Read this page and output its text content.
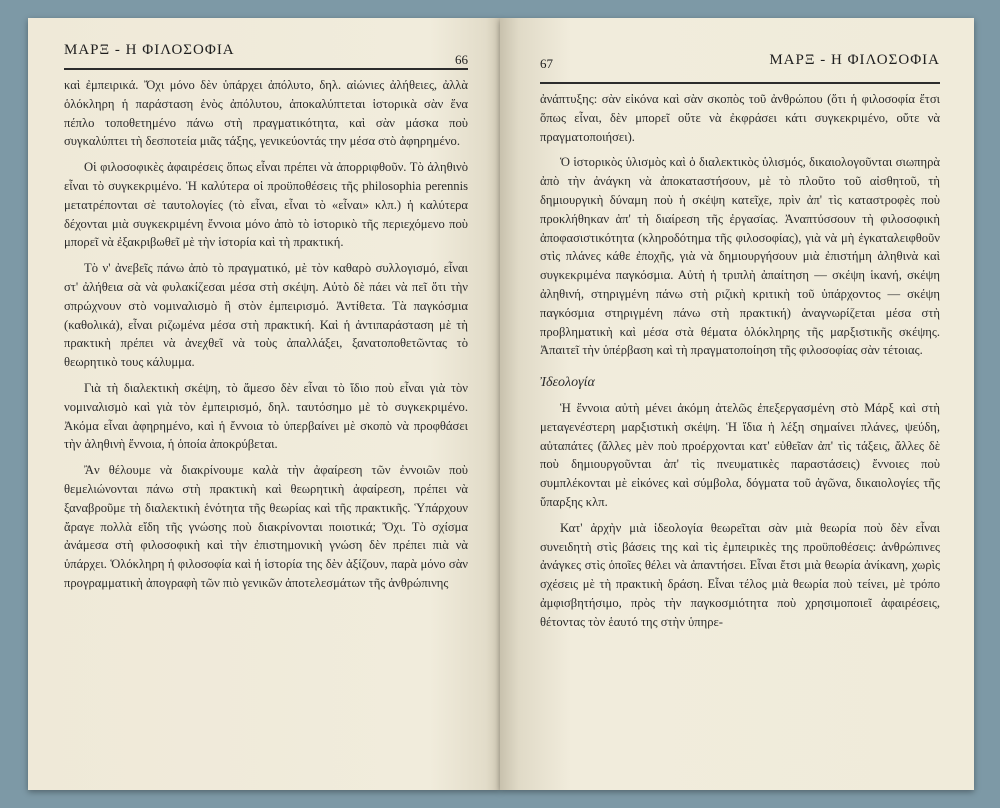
ΜΑΡΞ - Η ΦΙΛΟΣΟΦΙΑ
66

καὶ ἐμπειρικά. Ὄχι μόνο δὲν ὑπάρχει ἀπόλυτο, δηλ. αἰώνιες ἀλήθειες, ἀλλὰ ὁλόκληρη ἡ παράσταση ἑνὸς ἀπόλυτου, ἀποκαλύπτεται ἱστορικὰ σὰν ἕνα πέπλο τοποθετημένο πάνω στὴ πραγματικότητα, καὶ σὰν μάσκα ποὺ συγκαλύπτει τὴ δεσποτεία μιᾶς τάξης, γενικεύοντάς την μέσα στὸ ἀφηρημένο.

Οἱ φιλοσοφικὲς ἀφαιρέσεις ὅπως εἶναι πρέπει νὰ ἀπορριφθοῦν. Τὸ ἀληθινὸ εἶναι τὸ συγκεκριμένο. Ἡ καλύτερα οἱ προϋποθέσεις τῆς philosophia perennis μετατρέπονται σὲ ταυτολογίες (τὸ εἶναι, εἶναι τὸ «εἶναι» κλπ.) ἡ καλύτερα δέχονται μιὰ συγκεκριμένη ἔννοια μόνο ἀπὸ τὸ ἱστορικὸ τῆς περιεχόμενο ποὺ μπορεῖ νὰ ἐξακριβωθεῖ μὲ τὴν ἱστορία καὶ τὴ πρακτική.

Τὸ ν' ἀνεβεῖς πάνω ἀπὸ τὸ πραγματικό, μὲ τὸν καθαρὸ συλλογισμό, εἶναι στ' ἀλήθεια σὰ νὰ φυλακίζεσαι μέσα στὴ σκέψη. Αὐτὸ δὲ πάει νὰ πεῖ ὅτι τὴν σπρώχνουν στὸ νομιναλισμὸ ἢ στὸν ἐμπειρισμό. Ἀντίθετα. Τὰ παγκόσμια (καθολικά), εἶναι ριζωμένα μέσα στὴ πρακτική. Καὶ ἡ ἀντιπαράσταση μὲ τὴ πρακτικὴ πρέπει νὰ ἀνεχθεῖ νὰ τοὺς ἀπαλλάξει, ξανατοποθετῶντας τὸ θεωρητικὸ τους κάλυμμα.

Γιὰ τὴ διαλεκτικὴ σκέψη, τὸ ἄμεσο δὲν εἶναι τὸ ἴδιο ποὺ εἶναι γιὰ τὸν νομιναλισμὸ καὶ γιὰ τὸν ἐμπειρισμό, δηλ. ταυτόσημο μὲ τὸ συγκεκριμένο. Ἀκόμα εἶναι ἀφηρημένο, καὶ ἡ ἔννοια τὸ ὑπερβαίνει μὲ σκοπὸ νὰ προφθάσει τὴν ἀληθινὴ ἔννοια, ἡ ὁποία ἀποκρύβεται.

Ἂν θέλουμε νὰ διακρίνουμε καλὰ τὴν ἀφαίρεση τῶν ἐννοιῶν ποὺ θεμελιώνονται πάνω στὴ πρακτικὴ καὶ θεωρητικὴ ἀφαίρεση, πρέπει νὰ ξαναβροῦμε τὴ διαλεκτικὴ ἑνότητα τῆς θεωρίας καὶ τῆς πρακτικῆς. Ὑπάρχουν ἄραγε πολλὰ εἴδη τῆς γνώσης ποὺ διακρίνονται ποιοτικά; Ὄχι. Τὸ σχίσμα ἀνάμεσα στὴ φιλοσοφικὴ καὶ τὴν ἐπιστημονικὴ γνώση δὲν πρέπει πιὰ νὰ ὑπάρχει. Ὁλόκληρη ἡ φιλοσοφία καὶ ἡ ἱστορία της δὲν ἀξίζουν, παρὰ μόνο σὰν προγραμματικὴ ἀπογραφὴ τῶν πιὸ γενικῶν ἀποτελεσμάτων τῆς ἀνθρώπινης

67	ΜΑΡΞ - Η ΦΙΛΟΣΟΦΙΑ

ἀνάπτυξης: σὰν εἰκόνα καὶ σὰν σκοπὸς τοῦ ἀνθρώπου (ὅτι ἡ φιλοσοφία ἔτσι ὅπως εἶναι, δὲν μπορεῖ οὔτε νὰ ἐκφράσει κάτι συγκεκριμένο, οὔτε νὰ πραγματοποιήσει).

Ὁ ἱστορικὸς ὑλισμὸς καὶ ὁ διαλεκτικὸς ὑλισμός, δικαιολογοῦνται σιωπηρὰ ἀπὸ τὴν ἀνάγκη νὰ ἀποκαταστήσουν, μὲ τὸ πλοῦτο τοῦ αἰσθητοῦ, τὴ δημιουργικὴ δύναμη ποὺ ἡ σκέψη κατεῖχε, πρὶν ἀπ' τὶς καταστροφὲς ποὺ προκλήθηκαν ἀπ' τὴ διαίρεση τῆς ἐργασίας. Ἀναπτύσσουν τὴ φιλοσοφικὴ ἀποφασιστικότητα (κληροδότημα τῆς φιλοσοφίας), γιὰ νὰ μὴ ἐγκαταλειφθοῦν στὶς πλάνες κάθε ἐποχῆς, γιὰ νὰ δημιουργήσουν μιὰ ἐπιστήμη ἀληθινὰ καὶ συγκεκριμένα παγκόσμια. Αὐτὴ ἡ τριπλὴ ἀπαίτηση — σκέψη ἱκανή, σκέψη ἀληθινή, στηριγμένη πάνω στὴ ριζικὴ κριτικὴ τοῦ ὑπάρχοντος — σκέψη παγκόσμια στηριγμένη πάνω στὴ πρακτική) ἀναγνωρίζεται μέσα στὴ προβληματικὴ καὶ μέσα στὰ θέματα ὁλόκληρης τῆς μαρξιστικῆς σκέψης. Ἀπαιτεῖ τὴν ὑπέρβαση καὶ τὴ πραγματοποίηση τῆς φιλοσοφίας σὰν τέτοιας.

Ἰδεολογία

Ἡ ἔννοια αὐτὴ μένει ἀκόμη ἀτελῶς ἐπεξεργασμένη στὸ Μάρξ καὶ στὴ μεταγενέστερη μαρξιστικὴ σκέψη. Ἡ ἴδια ἡ λέξη σημαίνει πλάνες, ψεύδη, αὐταπάτες (ἄλλες μὲν ποὺ προέρχονται κατ' εὐθεῖαν ἀπ' τὶς τάξεις, ἄλλες δὲ ποὺ δημιουργοῦνται ἀπ' τὶς πνευματικὲς παραστάσεις) ἔννοιες ποὺ συμπλέκονται μὲ εἰκόνες καὶ σύμβολα, δόγματα τοῦ ἀγῶνα, δικαιολογίες τῆς ὕπαρξης κλπ.

Κατ' ἀρχὴν μιὰ ἰδεολογία θεωρεῖται σὰν μιὰ θεωρία ποὺ δὲν εἶναι συνειδητὴ στὶς βάσεις της καὶ τὶς ἐμπειρικὲς της προϋποθέσεις: ἀνθρώπινες ἀνάγκες στὶς ὁποῖες θέλει νὰ ἀπαντήσει. Εἶναι ἔτσι μιὰ θεωρία ἀνίκανη, χωρὶς σχέσεις μὲ τὴ πρακτικὴ δράση. Εἶναι τέλος μιὰ θεωρία ποὺ τείνει, μὲ τρόπο ἀμφισβητήσιμο, πρὸς τὴν παγκοσμιότητα ποὺ χρησιμοποιεῖ ἀφαιρέσεις, θέτοντας τὸν ἑαυτό της στὴν ὑπηρε-
